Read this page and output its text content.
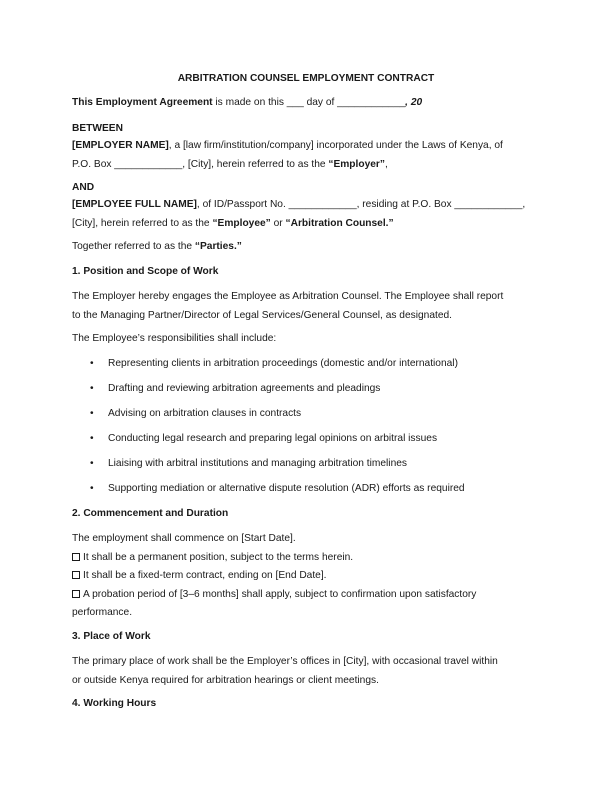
ARBITRATION COUNSEL EMPLOYMENT CONTRACT
This Employment Agreement is made on this ___ day of ____________, 20
BETWEEN
[EMPLOYER NAME], a [law firm/institution/company] incorporated under the Laws of Kenya, of
P.O. Box ____________, [City], herein referred to as the “Employer”,
AND
[EMPLOYEE FULL NAME], of ID/Passport No. ____________, residing at P.O. Box ____________,
[City], herein referred to as the “Employee” or “Arbitration Counsel.”
Together referred to as the “Parties.”
1. Position and Scope of Work
The Employer hereby engages the Employee as Arbitration Counsel. The Employee shall report
to the Managing Partner/Director of Legal Services/General Counsel, as designated.
The Employee’s responsibilities shall include:
• Representing clients in arbitration proceedings (domestic and/or international)
• Drafting and reviewing arbitration agreements and pleadings
• Advising on arbitration clauses in contracts
• Conducting legal research and preparing legal opinions on arbitral issues
• Liaising with arbitral institutions and managing arbitration timelines
• Supporting mediation or alternative dispute resolution (ADR) efforts as required
2. Commencement and Duration
The employment shall commence on [Start Date].
It shall be a permanent position, subject to the terms herein.
It shall be a fixed-term contract, ending on [End Date].
A probation period of [3–6 months] shall apply, subject to confirmation upon satisfactory
performance.
3. Place of Work
The primary place of work shall be the Employer’s offices in [City], with occasional travel within
or outside Kenya required for arbitration hearings or client meetings.
4. Working Hours
